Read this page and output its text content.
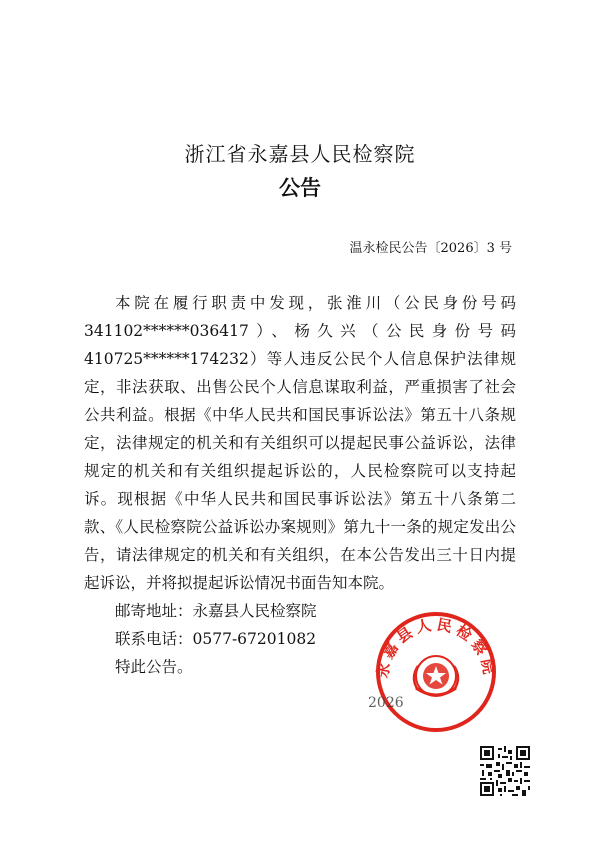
浙江省永嘉县人民检察院
公告
温永检民公告〔2026〕3 号

本院在履行职责中发现，张淮川（公民身份号码341102******036417）、杨久兴（公民身份号码410725******174232）等人违反公民个人信息保护法律规定，非法获取、出售公民个人信息谋取利益，严重损害了社会公共利益。根据《中华人民共和国民事诉讼法》第五十八条规定，法律规定的机关和有关组织可以提起民事公益诉讼，法律规定的机关和有关组织提起诉讼的，人民检察院可以支持起诉。现根据《中华人民共和国民事诉讼法》第五十八条第二款、《人民检察院公益诉讼办案规则》第九十一条的规定发出公告，请法律规定的机关和有关组织，在本公告发出三十日内提起诉讼，并将拟提起诉讼情况书面告知本院。

邮寄地址：永嘉县人民检察院
联系电话：0577-67201082
特此公告。	永嘉县人民检察院
2026
